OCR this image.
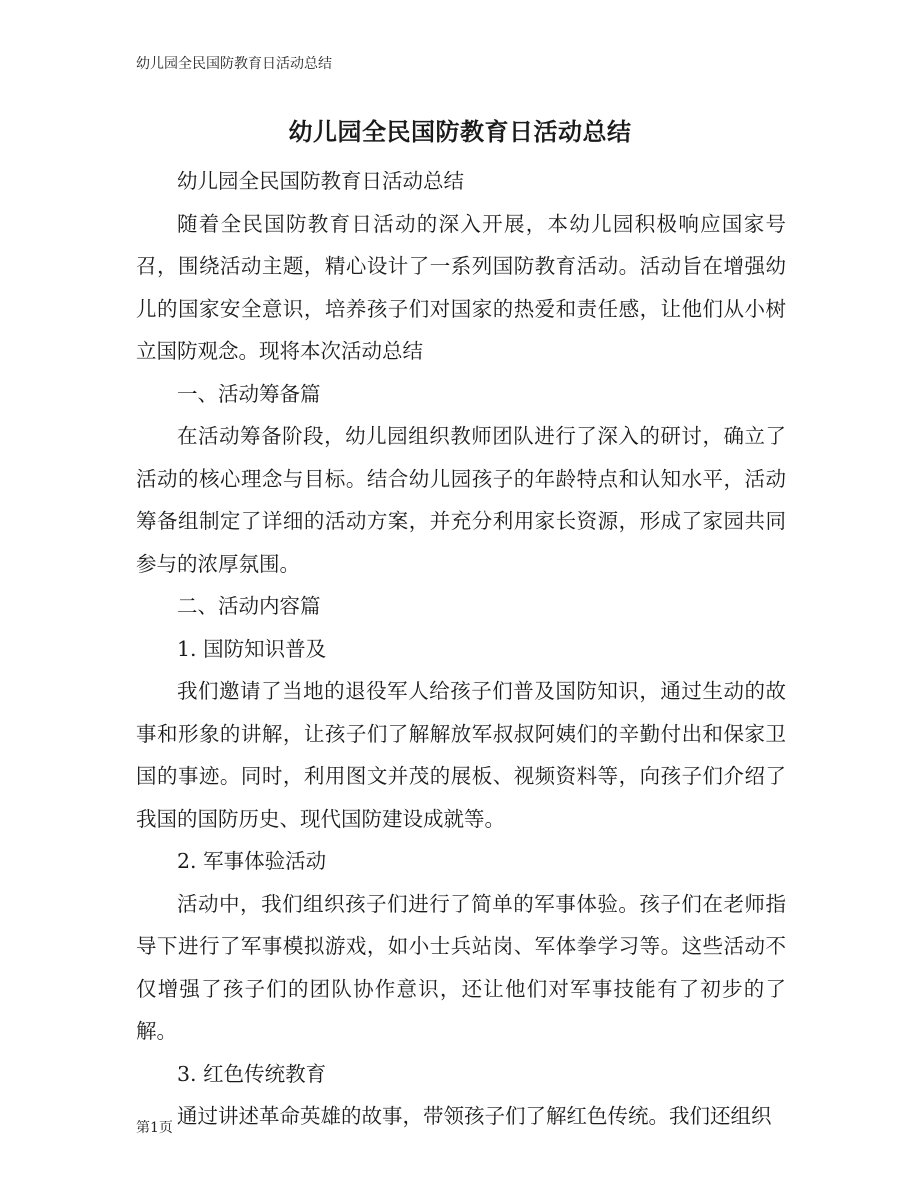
幼儿园全民国防教育日活动总结
幼儿园全民国防教育日活动总结

幼儿园全民国防教育日活动总结

随着全民国防教育日活动的深入开展，本幼儿园积极响应国家号召，围绕活动主题，精心设计了一系列国防教育活动。活动旨在增强幼儿的国家安全意识，培养孩子们对国家的热爱和责任感，让他们从小树立国防观念。现将本次活动总结

一、活动筹备篇

在活动筹备阶段，幼儿园组织教师团队进行了深入的研讨，确立了活动的核心理念与目标。结合幼儿园孩子的年龄特点和认知水平，活动筹备组制定了详细的活动方案，并充分利用家长资源，形成了家园共同参与的浓厚氛围。

二、活动内容篇

1. 国防知识普及

我们邀请了当地的退役军人给孩子们普及国防知识，通过生动的故事和形象的讲解，让孩子们了解解放军叔叔阿姨们的辛勤付出和保家卫国的事迹。同时，利用图文并茂的展板、视频资料等，向孩子们介绍了我国的国防历史、现代国防建设成就等。

2. 军事体验活动

活动中，我们组织孩子们进行了简单的军事体验。孩子们在老师指导下进行了军事模拟游戏，如小士兵站岗、军体拳学习等。这些活动不仅增强了孩子们的团队协作意识，还让他们对军事技能有了初步的了解。

3. 红色传统教育

通过讲述革命英雄的故事，带领孩子们了解红色传统。我们还组织

第1页
